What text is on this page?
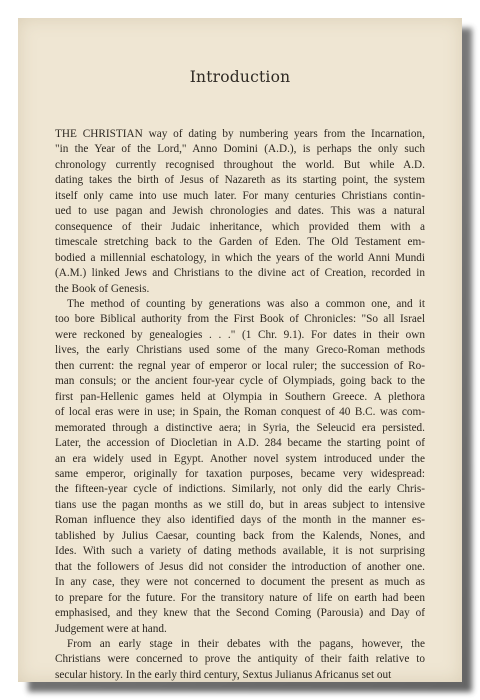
Introduction
THE CHRISTIAN way of dating by numbering years from the Incarnation,
"in the Year of the Lord," Anno Domini (A.D.), is perhaps the only such
chronology currently recognised throughout the world. But while A.D.
dating takes the birth of Jesus of Nazareth as its starting point, the system
itself only came into use much later. For many centuries Christians contin-
ued to use pagan and Jewish chronologies and dates. This was a natural
consequence of their Judaic inheritance, which provided them with a
timescale stretching back to the Garden of Eden. The Old Testament em-
bodied a millennial eschatology, in which the years of the world Anni Mundi
(A.M.) linked Jews and Christians to the divine act of Creation, recorded in
the Book of Genesis.
The method of counting by generations was also a common one, and it
too bore Biblical authority from the First Book of Chronicles: "So all Israel
were reckoned by genealogies . . ." (1 Chr. 9.1). For dates in their own
lives, the early Christians used some of the many Greco-Roman methods
then current: the regnal year of emperor or local ruler; the succession of Ro-
man consuls; or the ancient four-year cycle of Olympiads, going back to the
first pan-Hellenic games held at Olympia in Southern Greece. A plethora
of local eras were in use; in Spain, the Roman conquest of 40 B.C. was com-
memorated through a distinctive aera; in Syria, the Seleucid era persisted.
Later, the accession of Diocletian in A.D. 284 became the starting point of
an era widely used in Egypt. Another novel system introduced under the
same emperor, originally for taxation purposes, became very widespread:
the fifteen-year cycle of indictions. Similarly, not only did the early Chris-
tians use the pagan months as we still do, but in areas subject to intensive
Roman influence they also identified days of the month in the manner es-
tablished by Julius Caesar, counting back from the Kalends, Nones, and
Ides. With such a variety of dating methods available, it is not surprising
that the followers of Jesus did not consider the introduction of another one.
In any case, they were not concerned to document the present as much as
to prepare for the future. For the transitory nature of life on earth had been
emphasised, and they knew that the Second Coming (Parousia) and Day of
Judgement were at hand.
From an early stage in their debates with the pagans, however, the
Christians were concerned to prove the antiquity of their faith relative to
secular history. In the early third century, Sextus Julianus Africanus set out
